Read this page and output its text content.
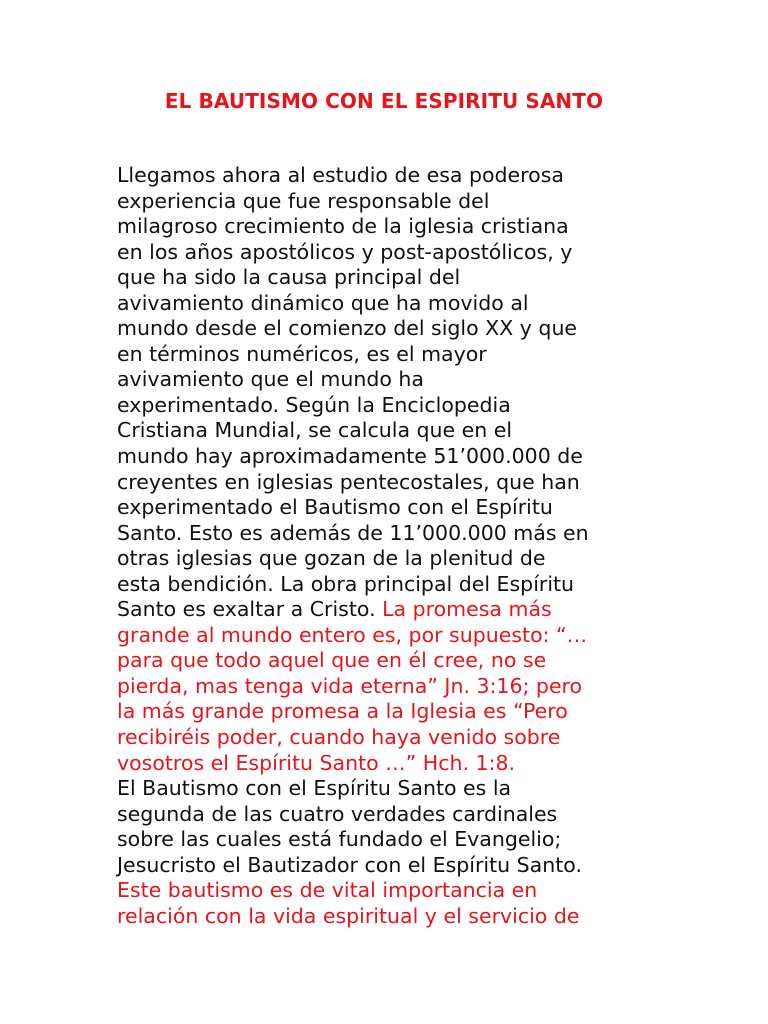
EL BAUTISMO CON EL ESPIRITU SANTO
Llegamos ahora al estudio de esa poderosa
experiencia que fue responsable del
milagroso crecimiento de la iglesia cristiana
en los años apostólicos y post-apostólicos, y
que ha sido la causa principal del
avivamiento dinámico que ha movido al
mundo desde el comienzo del siglo XX y que
en términos numéricos, es el mayor
avivamiento que el mundo ha
experimentado. Según la Enciclopedia
Cristiana Mundial, se calcula que en el
mundo hay aproximadamente 51’000.000 de
creyentes en iglesias pentecostales, que han
experimentado el Bautismo con el Espíritu
Santo. Esto es además de 11’000.000 más en
otras iglesias que gozan de la plenitud de
esta bendición. La obra principal del Espíritu
Santo es exaltar a Cristo. La promesa más
grande al mundo entero es, por supuesto: “…
para que todo aquel que en él cree, no se
pierda, mas tenga vida eterna” Jn. 3:16; pero
la más grande promesa a la Iglesia es “Pero
recibiréis poder, cuando haya venido sobre
vosotros el Espíritu Santo …” Hch. 1:8.
El Bautismo con el Espíritu Santo es la
segunda de las cuatro verdades cardinales
sobre las cuales está fundado el Evangelio;
Jesucristo el Bautizador con el Espíritu Santo.
Este bautismo es de vital importancia en
relación con la vida espiritual y el servicio de
